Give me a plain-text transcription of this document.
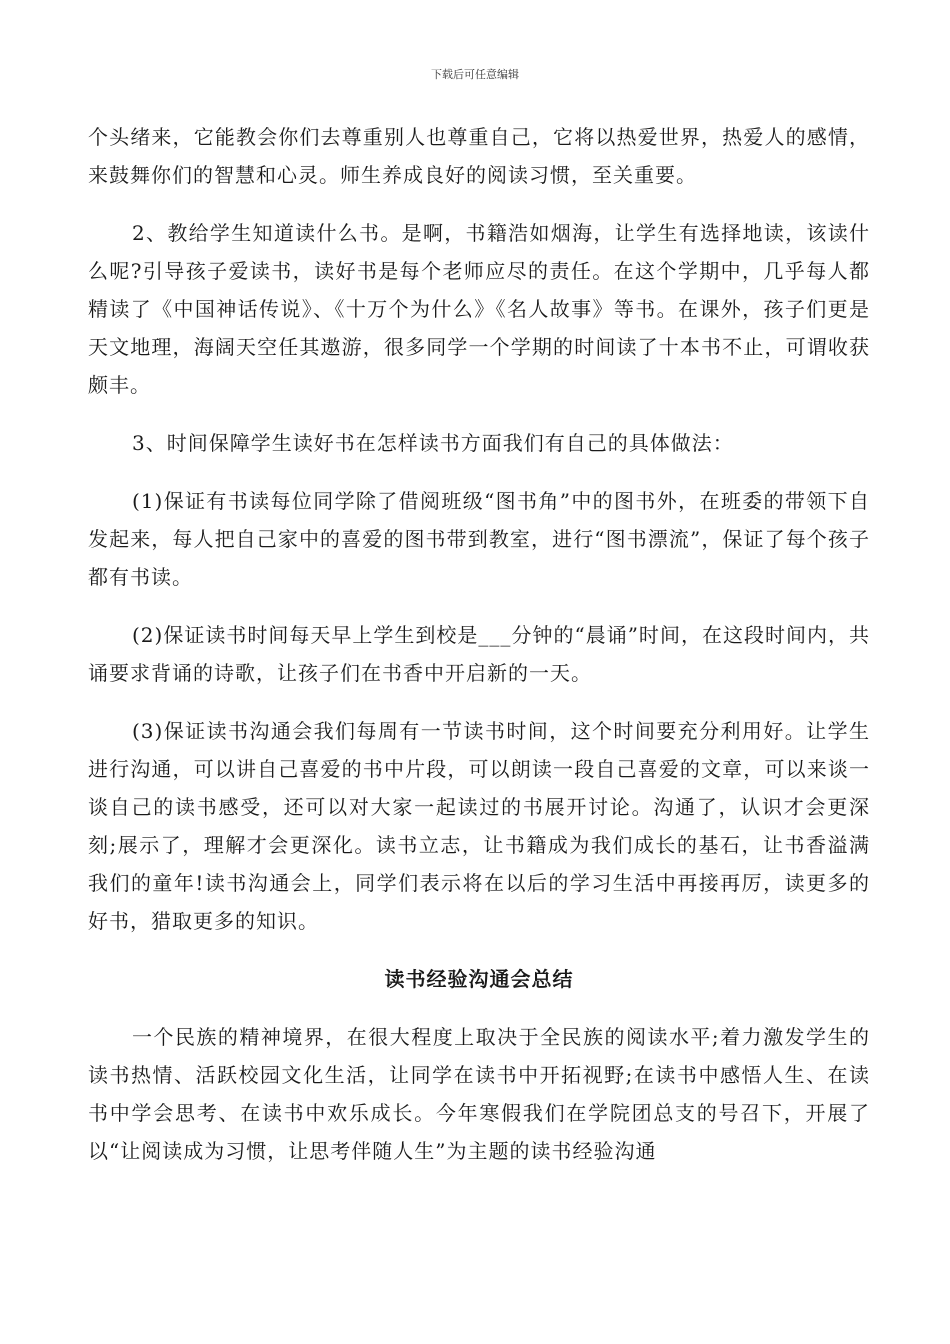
下载后可任意编辑

个头绪来，它能教会你们去尊重别人也尊重自己，它将以热爱世界，热爱人的感情，来鼓舞你们的智慧和心灵。师生养成良好的阅读习惯，至关重要。

2、教给学生知道读什么书。是啊，书籍浩如烟海，让学生有选择地读，该读什么呢?引导孩子爱读书，读好书是每个老师应尽的责任。在这个学期中，几乎每人都精读了《中国神话传说》、《十万个为什么》《名人故事》等书。在课外，孩子们更是天文地理，海阔天空任其遨游，很多同学一个学期的时间读了十本书不止，可谓收获颇丰。

3、时间保障学生读好书在怎样读书方面我们有自己的具体做法：

(1)保证有书读每位同学除了借阅班级“图书角”中的图书外，在班委的带领下自发起来，每人把自己家中的喜爱的图书带到教室，进行“图书漂流”，保证了每个孩子都有书读。

(2)保证读书时间每天早上学生到校是___分钟的“晨诵”时间，在这段时间内，共诵要求背诵的诗歌，让孩子们在书香中开启新的一天。

(3)保证读书沟通会我们每周有一节读书时间，这个时间要充分利用好。让学生进行沟通，可以讲自己喜爱的书中片段，可以朗读一段自己喜爱的文章，可以来谈一谈自己的读书感受，还可以对大家一起读过的书展开讨论。沟通了，认识才会更深刻;展示了，理解才会更深化。读书立志，让书籍成为我们成长的基石，让书香溢满我们的童年!读书沟通会上，同学们表示将在以后的学习生活中再接再厉，读更多的好书，猎取更多的知识。

读书经验沟通会总结

一个民族的精神境界，在很大程度上取决于全民族的阅读水平;着力激发学生的读书热情、活跃校园文化生活，让同学在读书中开拓视野;在读书中感悟人生、在读书中学会思考、在读书中欢乐成长。今年寒假我们在学院团总支的号召下，开展了以“让阅读成为习惯，让思考伴随人生”为主题的读书经验沟通
